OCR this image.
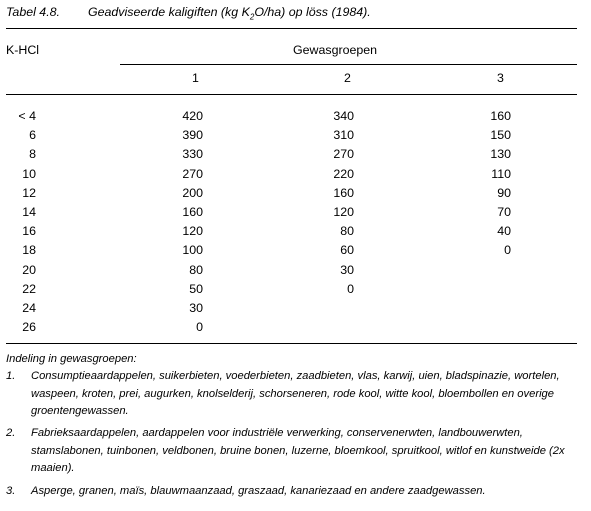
Tabel 4.8. Geadviseerde kaligiften (kg $K_2O/ha$) op löss (1984).
K-HCl	Gewasgroepen
1	2	3
< 4	420	340	160
6	390	310	150
8	330	270	130
10	270	220	110
12	200	160	90
14	160	120	70
16	120	80	40
18	100	60	0
20	80	30
22	50	0
24	30
26	0
Indeling in gewasgroepen:
1.	Consumptieaardappelen, suikerbieten, voederbieten, zaadbieten, vlas, karwij, uien, bladspinazie, wortelen, waspeen, kroten, prei, augurken, knolselderij, schorseneren, rode kool, witte kool, bloembollen en overige groentengewassen.
2.	Fabrieksaardappelen, aardappelen voor industriële verwerking, conservenerwten, landbouwerwten, stamslabonen, tuinbonen, veldbonen, bruine bonen, luzerne, bloemkool, spruitkool, witlof en kunstweide (2x maaien).
3.	Asperge, granen, maïs, blauwmaanzaad, graszaad, kanariezaad en andere zaadgewassen.
